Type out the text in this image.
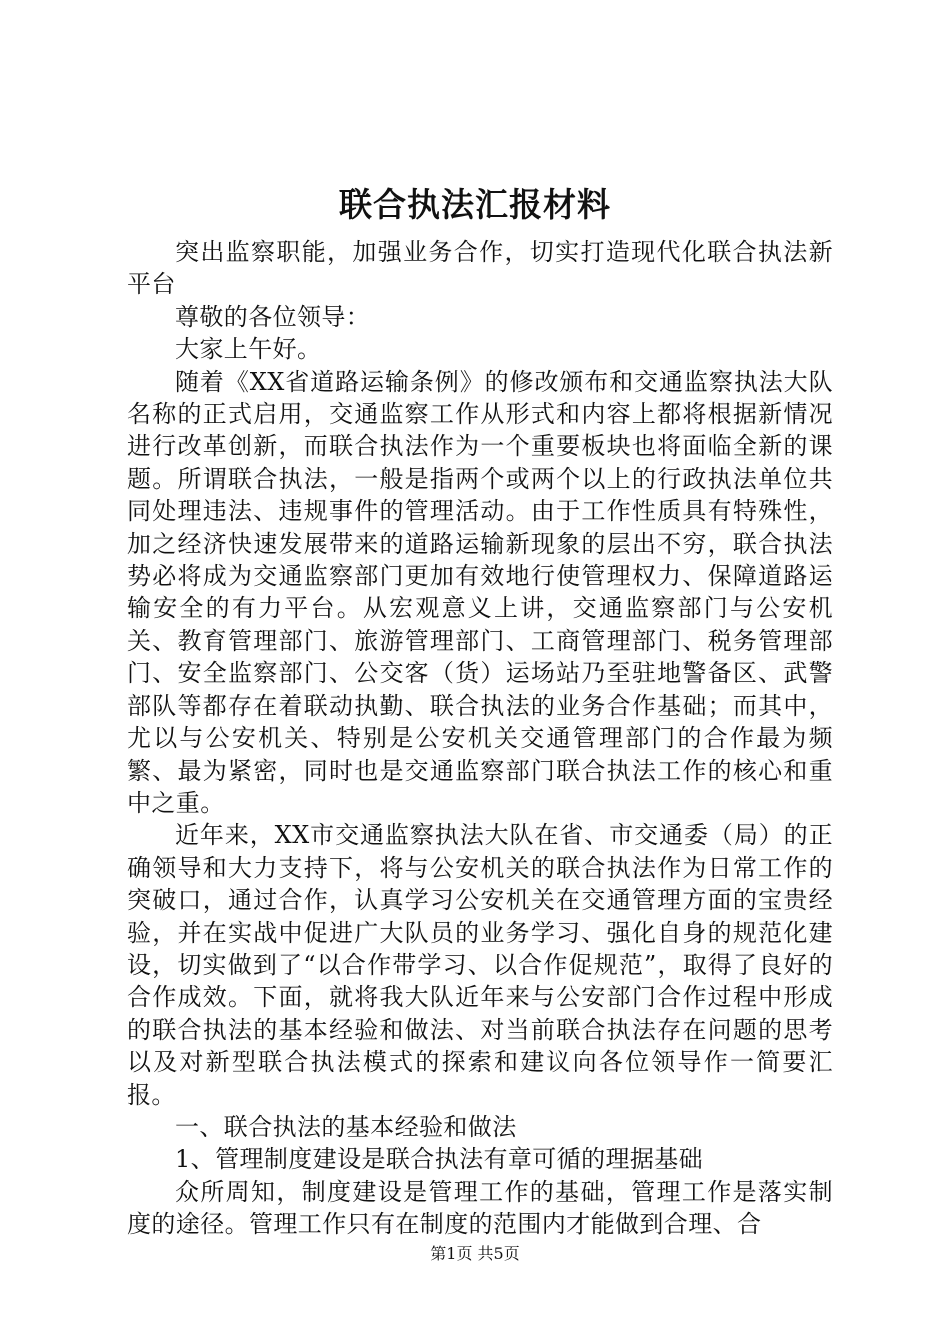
联合执法汇报材料

突出监察职能，加强业务合作，切实打造现代化联合执法新平台

尊敬的各位领导：

大家上午好。

随着《XX省道路运输条例》的修改颁布和交通监察执法大队名称的正式启用，交通监察工作从形式和内容上都将根据新情况进行改革创新，而联合执法作为一个重要板块也将面临全新的课题。所谓联合执法，一般是指两个或两个以上的行政执法单位共同处理违法、违规事件的管理活动。由于工作性质具有特殊性，加之经济快速发展带来的道路运输新现象的层出不穷，联合执法势必将成为交通监察部门更加有效地行使管理权力、保障道路运输安全的有力平台。从宏观意义上讲，交通监察部门与公安机关、教育管理部门、旅游管理部门、工商管理部门、税务管理部门、安全监察部门、公交客（货）运场站乃至驻地警备区、武警部队等都存在着联动执勤、联合执法的业务合作基础；而其中，尤以与公安机关、特别是公安机关交通管理部门的合作最为频繁、最为紧密，同时也是交通监察部门联合执法工作的核心和重中之重。

近年来，XX市交通监察执法大队在省、市交通委（局）的正确领导和大力支持下，将与公安机关的联合执法作为日常工作的突破口，通过合作，认真学习公安机关在交通管理方面的宝贵经验，并在实战中促进广大队员的业务学习、强化自身的规范化建设，切实做到了“以合作带学习、以合作促规范”，取得了良好的合作成效。下面，就将我大队近年来与公安部门合作过程中形成的联合执法的基本经验和做法、对当前联合执法存在问题的思考以及对新型联合执法模式的探索和建议向各位领导作一简要汇报。

一、联合执法的基本经验和做法

1、管理制度建设是联合执法有章可循的理据基础

众所周知，制度建设是管理工作的基础，管理工作是落实制度的途径。管理工作只有在制度的范围内才能做到合理、合

第1页 共5页
